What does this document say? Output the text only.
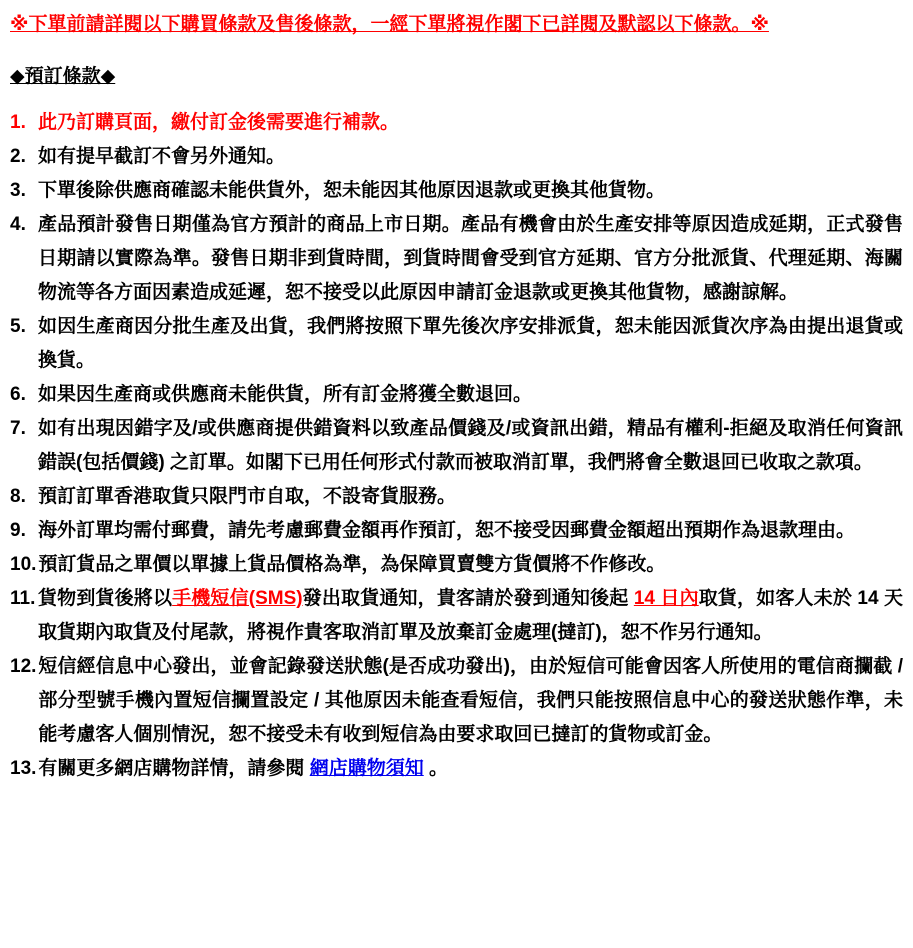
※下單前請詳閱以下購買條款及售後條款，一經下單將視作閣下已詳閱及默認以下條款。※
◆預訂條款◆
1. 此乃訂購頁面，繳付訂金後需要進行補款。
2. 如有提早截訂不會另外通知。
3. 下單後除供應商確認未能供貨外，恕未能因其他原因退款或更換其他貨物。
4. 產品預計發售日期僅為官方預計的商品上市日期。產品有機會由於生產安排等原因造成延期，正式發售日期請以實際為準。發售日期非到貨時間，到貨時間會受到官方延期、官方分批派貨、代理延期、海關物流等各方面因素造成延遲，恕不接受以此原因申請訂金退款或更換其他貨物，感謝諒解。
5. 如因生產商因分批生產及出貨，我們將按照下單先後次序安排派貨，恕未能因派貨次序為由提出退貨或換貨。
6. 如果因生產商或供應商未能供貨，所有訂金將獲全數退回。
7. 如有出現因錯字及/或供應商提供錯資料以致產品價錢及/或資訊出錯，精品有權利-拒絕及取消任何資訊錯誤(包括價錢) 之訂單。如閣下已用任何形式付款而被取消訂單，我們將會全數退回已收取之款項。
8. 預訂訂單香港取貨只限門市自取，不設寄貨服務。
9. 海外訂單均需付郵費，請先考慮郵費金額再作預訂，恕不接受因郵費金額超出預期作為退款理由。
10. 預訂貨品之單價以單據上貨品價格為準，為保障買賣雙方貨價將不作修改。
11. 貨物到貨後將以手機短信(SMS)發出取貨通知，貴客請於發到通知後起 14 日內取貨，如客人未於 14 天取貨期內取貨及付尾款，將視作貴客取消訂單及放棄訂金處理(撻訂)，恕不作另行通知。
12. 短信經信息中心發出，並會記錄發送狀態(是否成功發出)，由於短信可能會因客人所使用的電信商攔截 / 部分型號手機內置短信攔置設定 / 其他原因未能查看短信，我們只能按照信息中心的發送狀態作準，未能考慮客人個別情況，恕不接受未有收到短信為由要求取回已撻訂的貨物或訂金。
13. 有關更多網店購物詳情，請參閱 網店購物須知 。
